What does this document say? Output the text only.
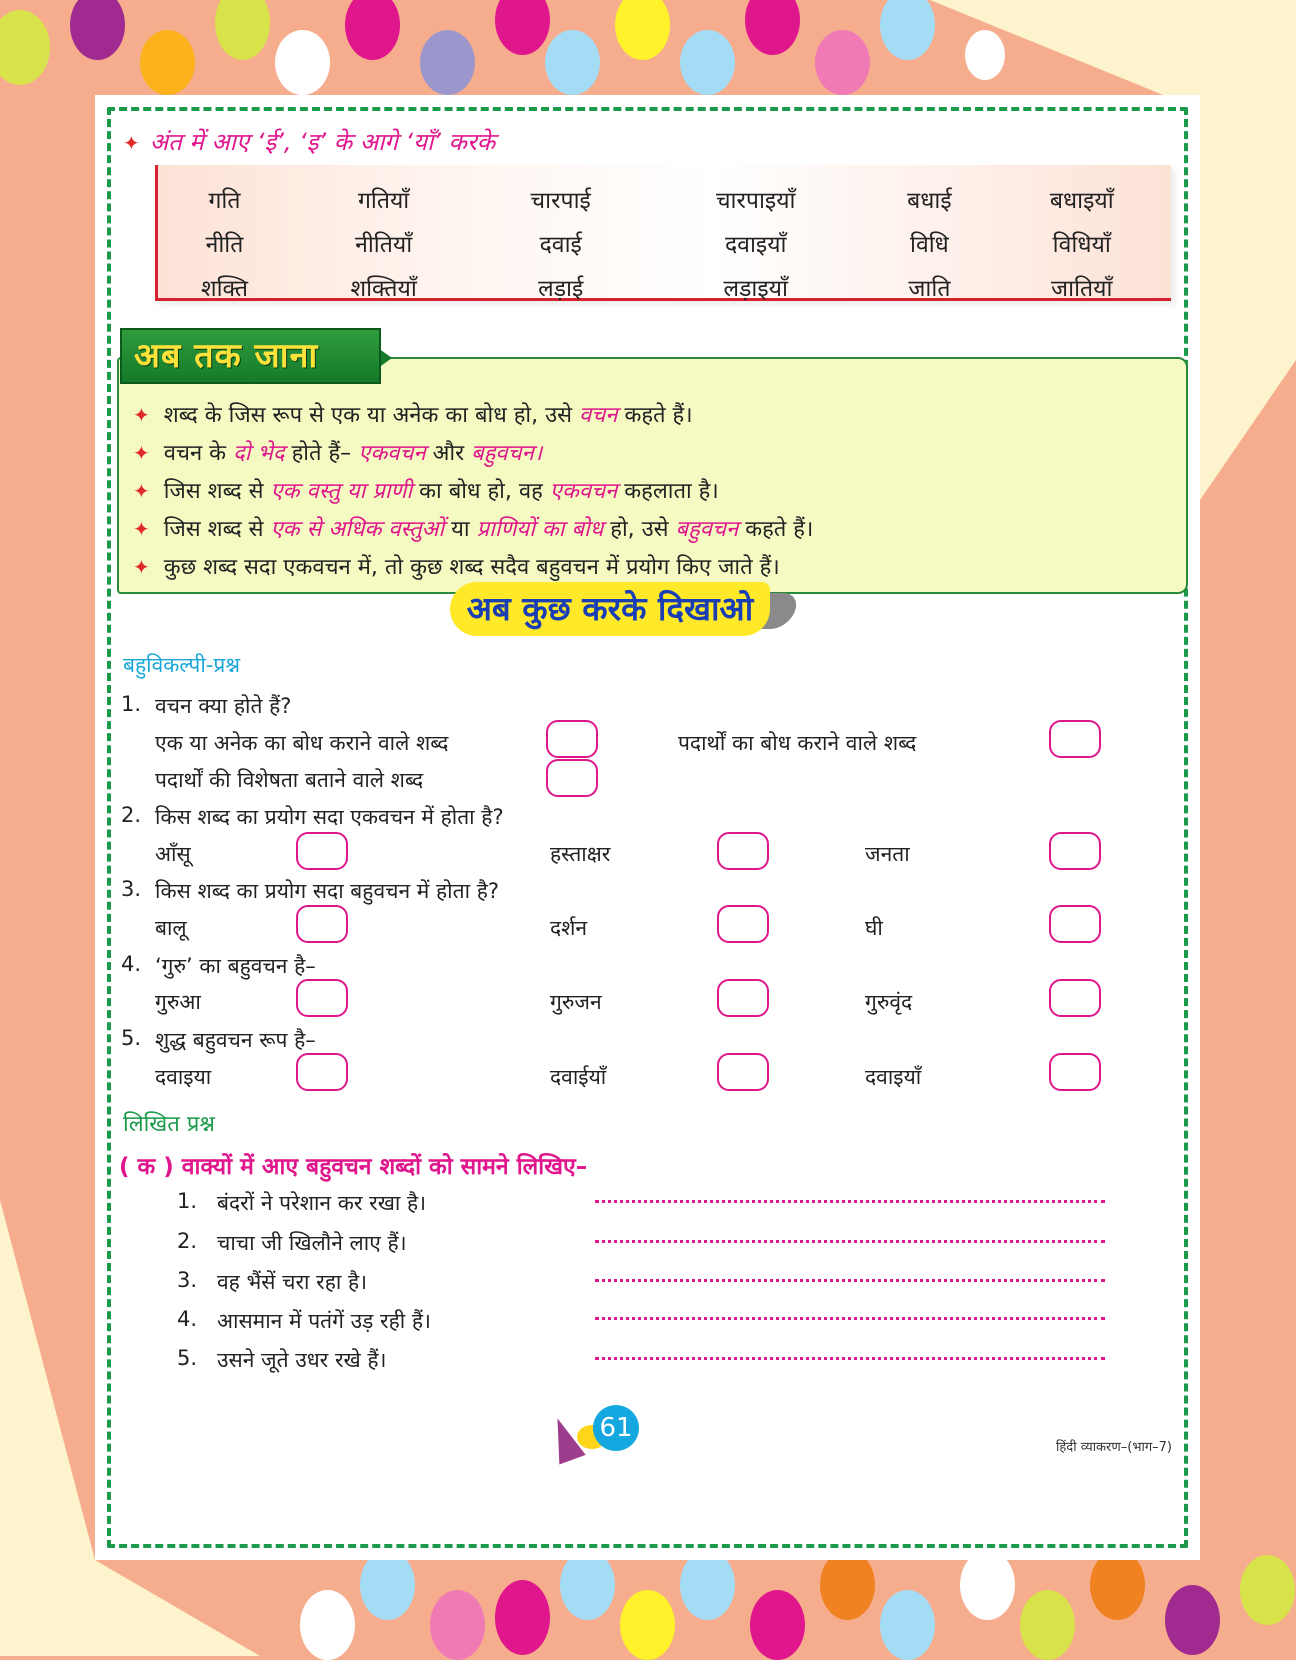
✦ अंत में आए ‘ई’, ‘इ’ के आगे ‘याँ’ करके
गति	गतियाँ	चारपाई	चारपाइयाँ	बधाई	बधाइयाँ
नीति	नीतियाँ	दवाई	दवाइयाँ	विधि	विधियाँ
शक्ति	शक्तियाँ	लड़ाई	लड़ाइयाँ	जाति	जातियाँ
✦ शब्द के जिस रूप से एक या अनेक का बोध हो, उसे वचन कहते हैं।
✦ वचन के दो भेद होते हैं– एकवचन और बहुवचन।
✦ जिस शब्द से एक वस्तु या प्राणी का बोध हो, वह एकवचन कहलाता है।
✦ जिस शब्द से एक से अधिक वस्तुओं या प्राणियों का बोध हो, उसे बहुवचन कहते हैं।
✦ कुछ शब्द सदा एकवचन में, तो कुछ शब्द सदैव बहुवचन में प्रयोग किए जाते हैं।
अब तक जाना
अब कुछ करके दिखाओ
बहुविकल्पी-प्रश्न
1. वचन क्या होते हैं?
एक या अनेक का बोध कराने वाले शब्द	पदार्थों का बोध कराने वाले शब्द
पदार्थों की विशेषता बताने वाले शब्द
2. किस शब्द का प्रयोग सदा एकवचन में होता है?
आँसू	हस्ताक्षर	जनता
3. किस शब्द का प्रयोग सदा बहुवचन में होता है?
बालू	दर्शन	घी
4. ‘गुरु’ का बहुवचन है–
गुरुआ	गुरुजन	गुरुवृंद
5. शुद्ध बहुवचन रूप है–
दवाइया	दवाईयाँ	दवाइयाँ
लिखित प्रश्न
( क ) वाक्यों में आए बहुवचन शब्दों को सामने लिखिए–
1. बंदरों ने परेशान कर रखा है।
2. चाचा जी खिलौने लाए हैं।
3. वह भैंसें चरा रहा है।
4. आसमान में पतंगें उड़ रही हैं।
5. उसने जूते उधर रखे हैं।
61
हिंदी व्याकरण–(भाग–7)
